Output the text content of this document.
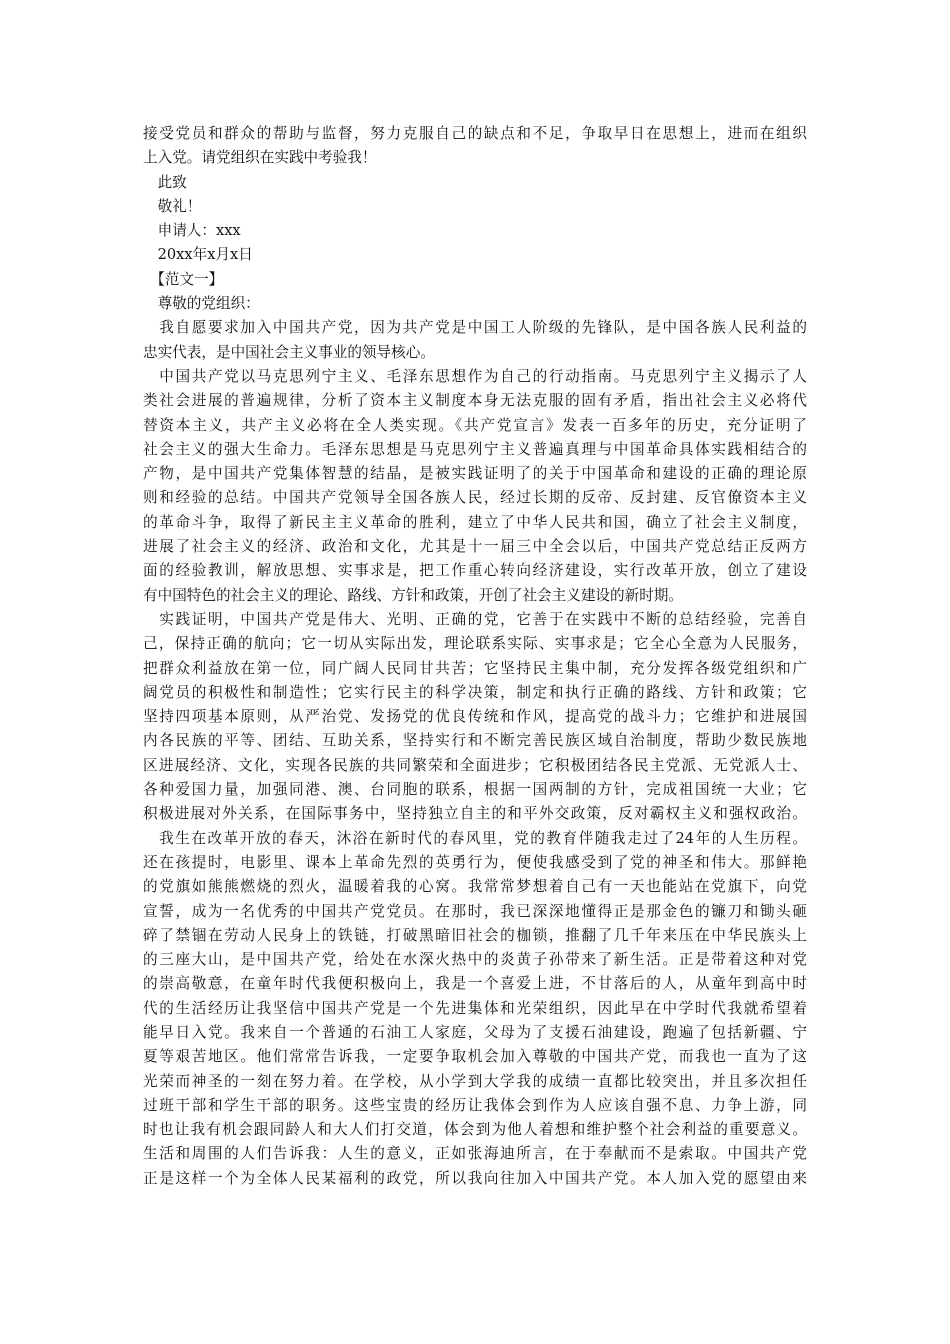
接受党员和群众的帮助与监督，努力克服自己的缺点和不足，争取早日在思想上，进而在组织
上入党。请党组织在实践中考验我！
　此致
　敬礼！
　申请人：xxx
　20xx年x月x日
　【范文一】
　尊敬的党组织：
　我自愿要求加入中国共产党，因为共产党是中国工人阶级的先锋队，是中国各族人民利益的
忠实代表，是中国社会主义事业的领导核心。
　中国共产党以马克思列宁主义、毛泽东思想作为自己的行动指南。马克思列宁主义揭示了人
类社会进展的普遍规律，分析了资本主义制度本身无法克服的固有矛盾，指出社会主义必将代
替资本主义，共产主义必将在全人类实现。《共产党宣言》发表一百多年的历史，充分证明了
社会主义的强大生命力。毛泽东思想是马克思列宁主义普遍真理与中国革命具体实践相结合的
产物，是中国共产党集体智慧的结晶，是被实践证明了的关于中国革命和建设的正确的理论原
则和经验的总结。中国共产党领导全国各族人民，经过长期的反帝、反封建、反官僚资本主义
的革命斗争，取得了新民主主义革命的胜利，建立了中华人民共和国，确立了社会主义制度，
进展了社会主义的经济、政治和文化，尤其是十一届三中全会以后，中国共产党总结正反两方
面的经验教训，解放思想、实事求是，把工作重心转向经济建设，实行改革开放，创立了建设
有中国特色的社会主义的理论、路线、方针和政策，开创了社会主义建设的新时期。
　实践证明，中国共产党是伟大、光明、正确的党，它善于在实践中不断的总结经验，完善自
己，保持正确的航向；它一切从实际出发，理论联系实际、实事求是；它全心全意为人民服务，
把群众利益放在第一位，同广阔人民同甘共苦；它坚持民主集中制，充分发挥各级党组织和广
阔党员的积极性和制造性；它实行民主的科学决策，制定和执行正确的路线、方针和政策；它
坚持四项基本原则，从严治党、发扬党的优良传统和作风，提高党的战斗力；它维护和进展国
内各民族的平等、团结、互助关系，坚持实行和不断完善民族区域自治制度，帮助少数民族地
区进展经济、文化，实现各民族的共同繁荣和全面进步；它积极团结各民主党派、无党派人士、
各种爱国力量，加强同港、澳、台同胞的联系，根据一国两制的方针，完成祖国统一大业；它
积极进展对外关系，在国际事务中，坚持独立自主的和平外交政策，反对霸权主义和强权政治。
　我生在改革开放的春天，沐浴在新时代的春风里，党的教育伴随我走过了24年的人生历程。
还在孩提时，电影里、课本上革命先烈的英勇行为，便使我感受到了党的神圣和伟大。那鲜艳
的党旗如熊熊燃烧的烈火，温暖着我的心窝。我常常梦想着自己有一天也能站在党旗下，向党
宣誓，成为一名优秀的中国共产党党员。在那时，我已深深地懂得正是那金色的镰刀和锄头砸
碎了禁锢在劳动人民身上的铁链，打破黑暗旧社会的枷锁，推翻了几千年来压在中华民族头上
的三座大山，是中国共产党，给处在水深火热中的炎黄子孙带来了新生活。正是带着这种对党
的崇高敬意，在童年时代我便积极向上，我是一个喜爱上进，不甘落后的人，从童年到高中时
代的生活经历让我坚信中国共产党是一个先进集体和光荣组织，因此早在中学时代我就希望着
能早日入党。我来自一个普通的石油工人家庭，父母为了支援石油建设，跑遍了包括新疆、宁
夏等艰苦地区。他们常常告诉我，一定要争取机会加入尊敬的中国共产党，而我也一直为了这
光荣而神圣的一刻在努力着。在学校，从小学到大学我的成绩一直都比较突出，并且多次担任
过班干部和学生干部的职务。这些宝贵的经历让我体会到作为人应该自强不息、力争上游，同
时也让我有机会跟同龄人和大人们打交道，体会到为他人着想和维护整个社会利益的重要意义。
生活和周围的人们告诉我：人生的意义，正如张海迪所言，在于奉献而不是索取。中国共产党
正是这样一个为全体人民某福利的政党，所以我向往加入中国共产党。本人加入党的愿望由来
